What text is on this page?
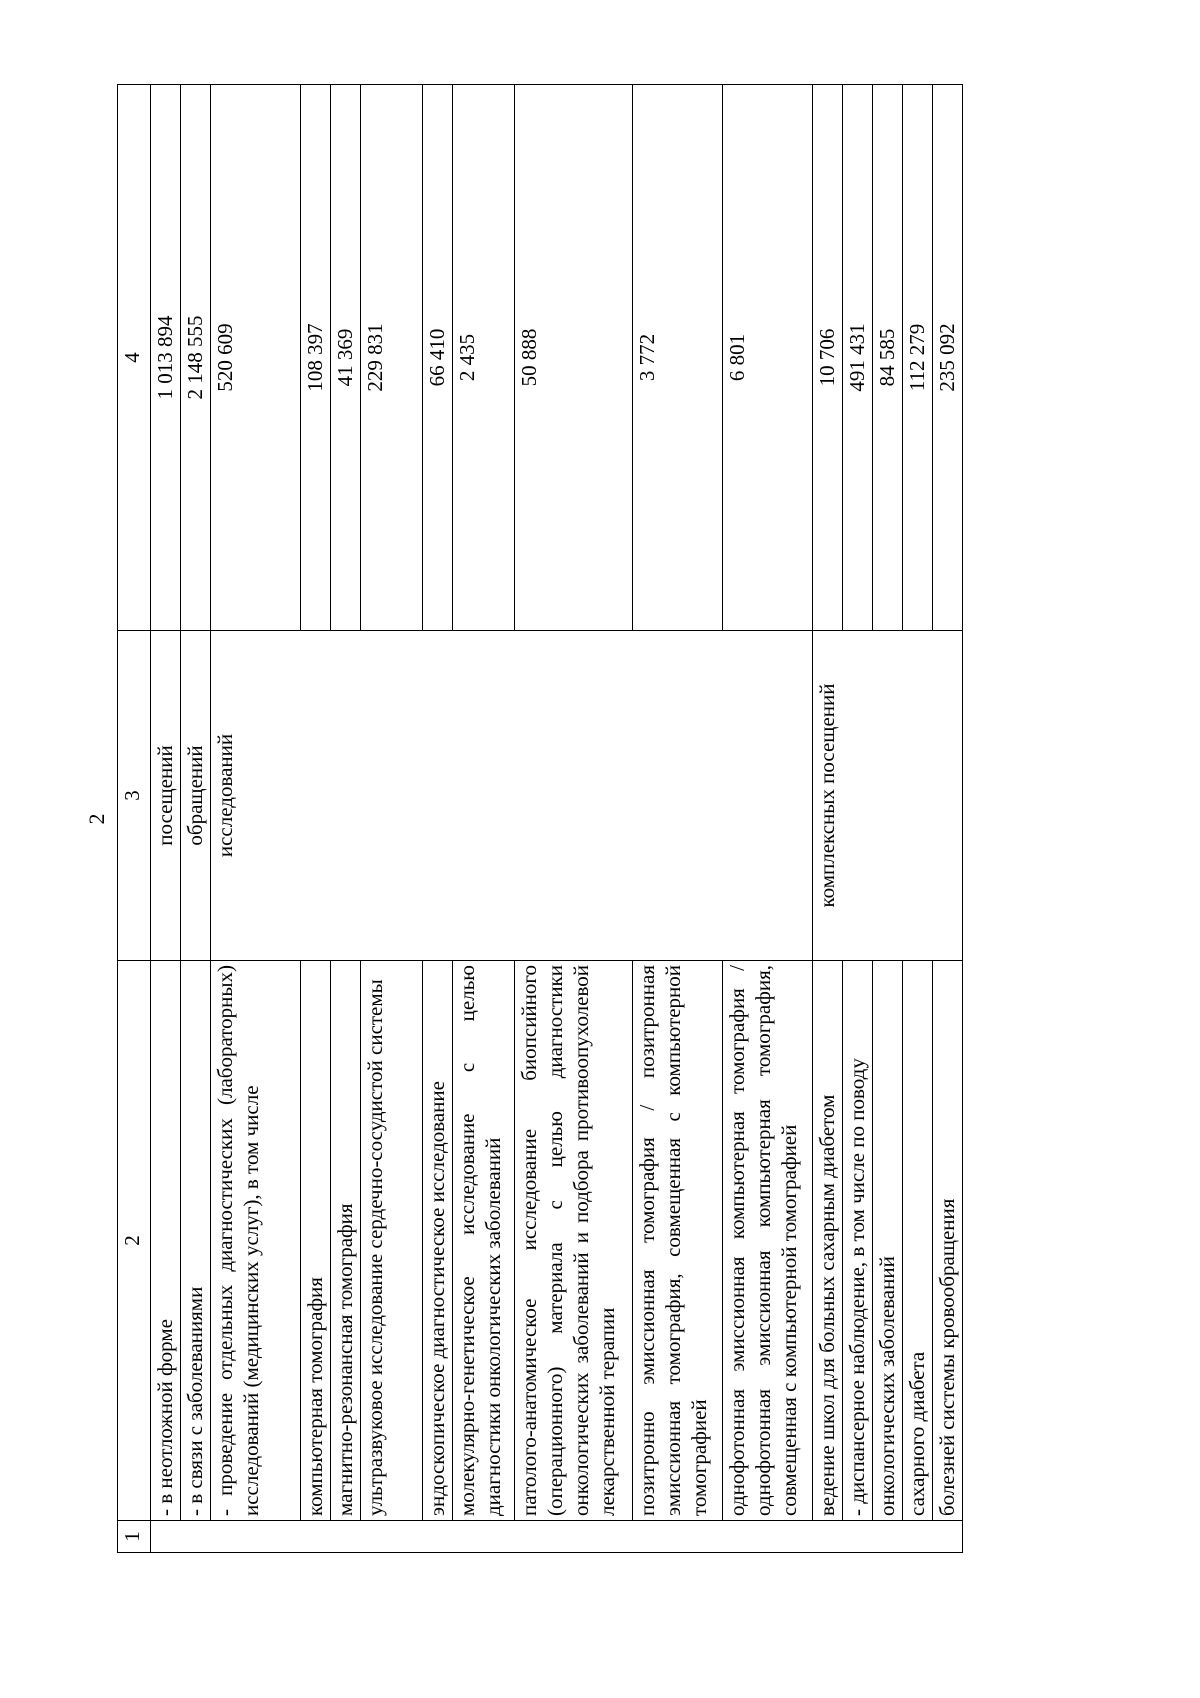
2
1	2	3	4
	- в неотложной форме	посещений	1 013 894
	- в связи с заболеваниями	обращений	2 148 555
	- проведение отдельных диагностических (лабораторных) исследований (медицинских услуг), в том числе	исследований	520 609
	компьютерная томография		108 397
	магнитно-резонансная томография		41 369
	ультразвуковое исследование сердечно-сосудистой системы		229 831
	эндоскопическое диагностическое исследование		66 410
	молекулярно-генетическое исследование с целью диагностики онкологических заболеваний		2 435
	патолого-анатомическое исследование биопсийного (операционного) материала с целью диагностики онкологических заболеваний и подбора противоопухолевой лекарственной терапии		50 888
	позитронно эмиссионная томография / позитронная эмиссионная томография, совмещенная с компьютерной томографией		3 772
	однофотонная эмиссионная компьютерная томография / однофотонная эмиссионная компьютерная томография, совмещенная с компьютерной томографией		6 801
	ведение школ для больных сахарным диабетом	комплексных посещений	10 706
	- диспансерное наблюдение, в том числе по поводу		491 431
	онкологических заболеваний		84 585
	сахарного диабета		112 279
	болезней системы кровообращения		235 092
